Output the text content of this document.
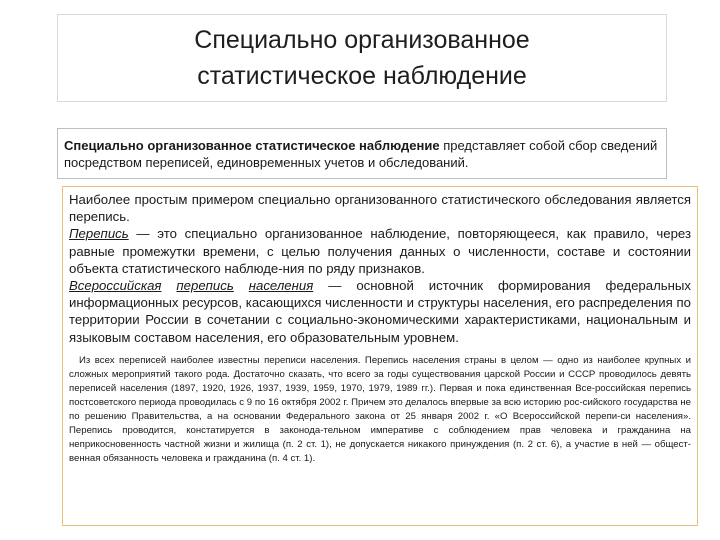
Специально организованное
статистическое наблюдение
Специально организованное статистическое наблюдение представляет собой сбор сведений посредством переписей, единовременных учетов и обследований.

Наиболее простым примером специально организованного статистического обследования является перепись.

Перепись — это специально организованное наблюдение, повторяющееся, как правило, через равные промежутки времени, с целью получения данных о численности, составе и состоянии объекта статистического наблюде-ния по ряду признаков.

Всероссийская перепись населения — основной источник формирования федеральных информационных ресурсов, касающихся численности и структуры населения, его распределения по территории России в сочетании с социально-экономическими характеристиками, национальным и языковым составом населения, его образовательным уровнем.

Из всех переписей наиболее известны переписи населения. Перепись населения страны в целом — одно из наиболее крупных и сложных мероприятий такого рода. Достаточно сказать, что всего за годы существования царской России и СССР проводилось девять переписей населения (1897, 1920, 1926, 1937, 1939, 1959, 1970, 1979, 1989 гг.). Первая и пока единственная Все-российская перепись постсоветского периода проводилась с 9 по 16 октября 2002 г. Причем это делалось впервые за всю историю рос-сийского государства не по решению Правительства, а на основании Федерального закона от 25 января 2002 г. «О Всероссийской перепи-си населения». Перепись проводится, констатируется в законода-тельном императиве с соблюдением прав человека и гражданина на неприкосновенность частной жизни и жилища (п. 2 ст. 1), не допускается никакого принуждения (п. 2 ст. 6), а участие в ней — общест-венная обязанность человека и гражданина (п. 4 ст. 1).
